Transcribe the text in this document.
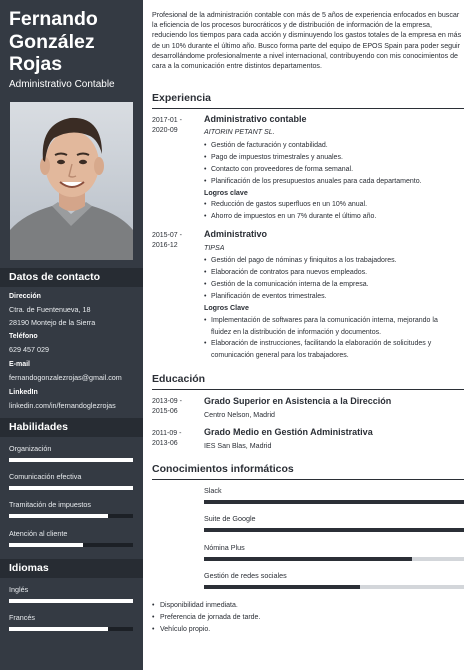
Fernando
González
Rojas
Administrativo Contable
Datos de contacto
Dirección
Ctra. de Fuentenueva, 18
28190 Montejo de la Sierra
Teléfono
629 457 029
E-mail
fernandogonzalezrojas@gmail.com
LinkedIn
linkedin.com/in/fernandoglezrojas
Habilidades
Organización
Comunicación efectiva
Tramitación de impuestos
Atención al cliente
Idiomas
Inglés
Francés

Profesional de la administración contable con más de 5 años de experiencia enfocados en buscar

la eficiencia de los procesos burocráticos y de distribución de información de la empresa,

reduciendo los tiempos para cada acción y disminuyendo los gastos totales de la empresa en más

de un 10% durante el último año. Busco forma parte del equipo de EPOS Spain para poder seguir

desarrollándome profesionalmente a nivel internacional, contribuyendo con mis conocimientos de

cara a la comunicación entre distintos departamentos.

Experiencia
2017-01 -
2020-09
Administrativo contable
AITORIN PETANT SL.
• Gestión de facturación y contabilidad.
• Pago de impuestos trimestrales y anuales.
• Contacto con proveedores de forma semanal.
• Planificación de los presupuestos anuales para cada departamento.
Logros clave
• Reducción de gastos superfluos en un 10% anual.
• Ahorro de impuestos en un 7% durante el último año.
2015-07 -
2016-12
Administrativo
TIPSA
• Gestión del pago de nóminas y finiquitos a los trabajadores.
• Elaboración de contratos para nuevos empleados.
• Gestión de la comunicación interna de la empresa.
• Planificación de eventos trimestrales.
Logros Clave
• Implementación de softwares para la comunicación interna, mejorando la
fluidez en la distribución de información y documentos.
• Elaboración de instrucciones, facilitando la elaboración de solicitudes y
comunicación general para los trabajadores.
Educación
2013-09 -
2015-06
Grado Superior en Asistencia a la Dirección
Centro Nelson, Madrid
2011-09 -
2013-06
Grado Medio en Gestión Administrativa
IES San Blas, Madrid
Conocimientos informáticos
Slack
Suite de Google
Nómina Plus
Gestión de redes sociales
• Disponibilidad inmediata.
• Preferencia de jornada de tarde.
• Vehículo propio.
